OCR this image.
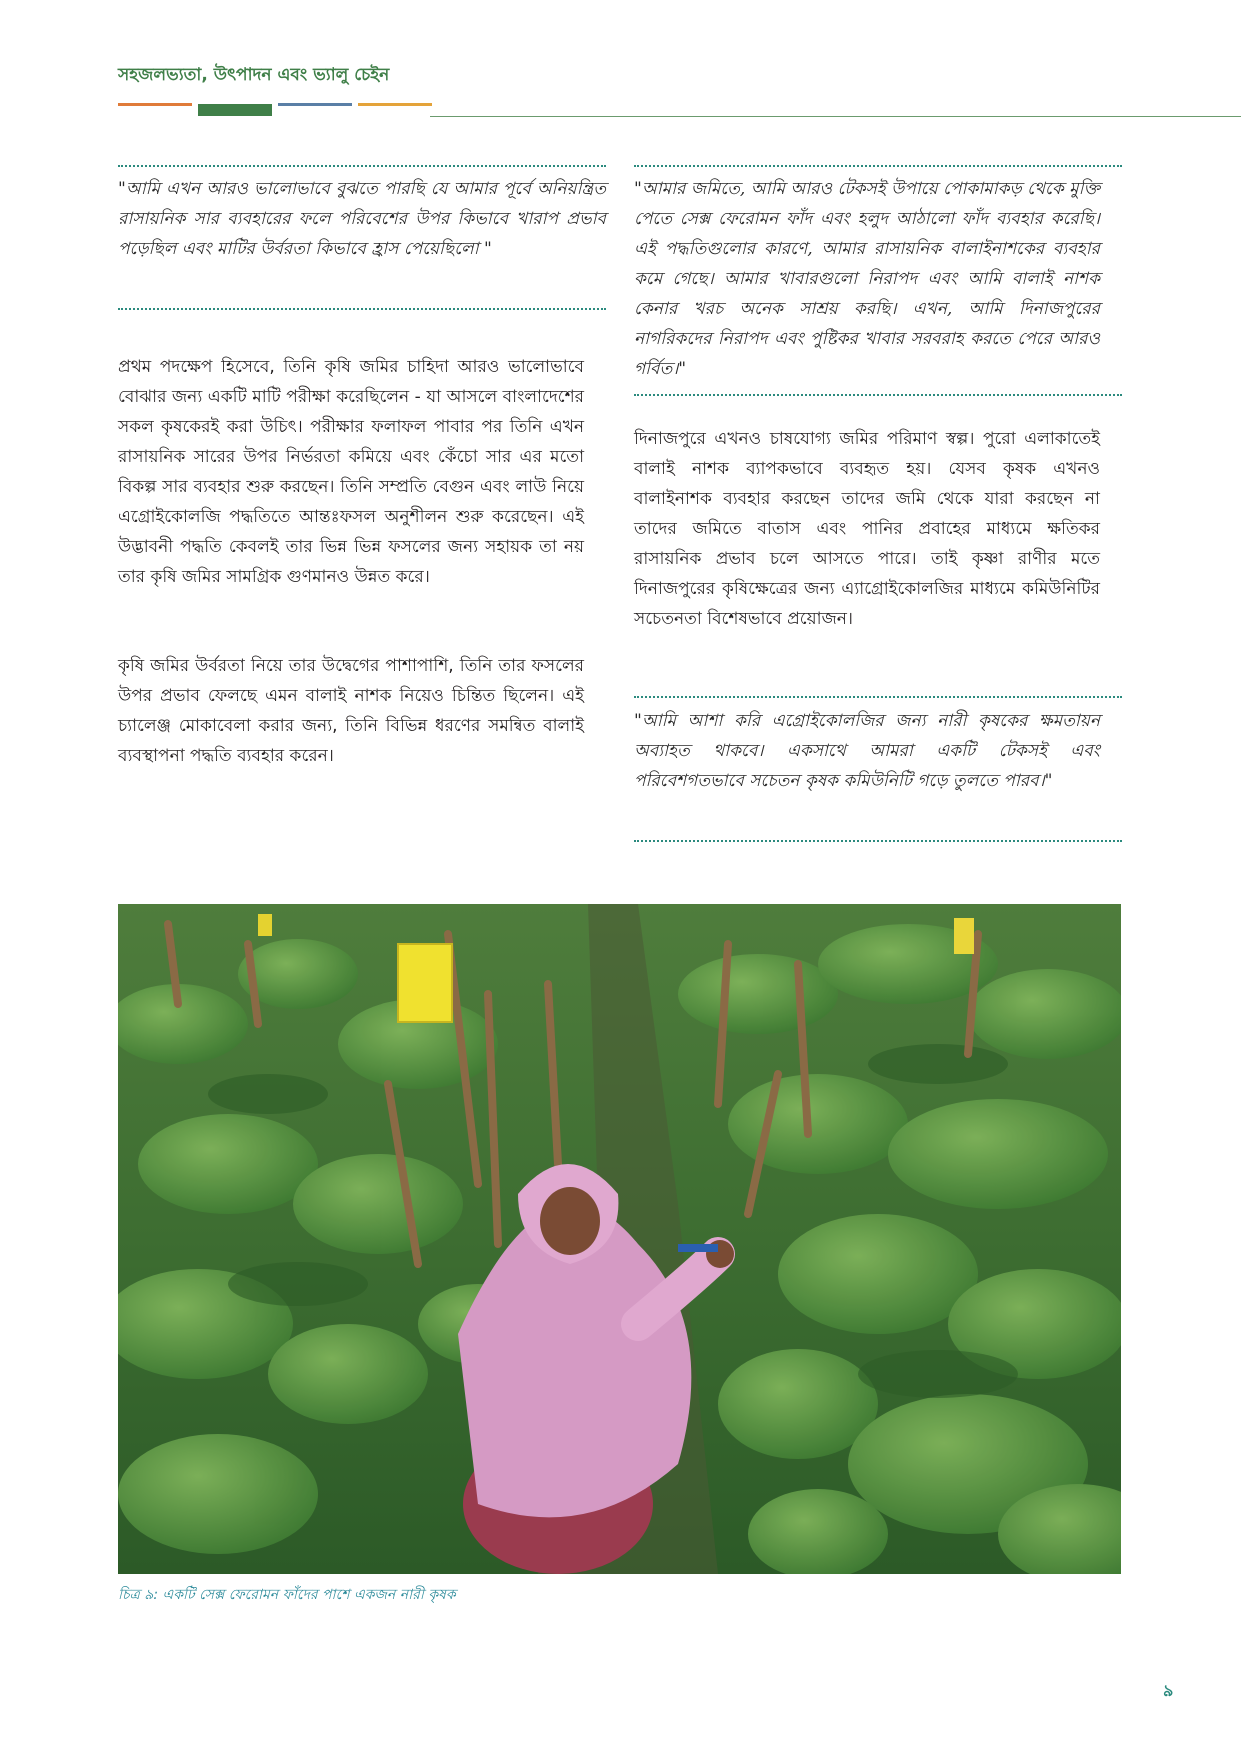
সহজলভ্যতা, উৎপাদন এবং ভ্যালু চেইন
"আমি এখন আরও ভালোভাবে বুঝতে পারছি যে আমার পূর্বে অনিয়ন্ত্রিত রাসায়নিক সার ব্যবহারের ফলে পরিবেশের উপর কিভাবে খারাপ প্রভাব পড়েছিল এবং মাটির উর্বরতা কিভাবে হ্রাস পেয়েছিলো "
প্রথম পদক্ষেপ হিসেবে, তিনি কৃষি জমির চাহিদা আরও ভালোভাবে বোঝার জন্য একটি মাটি পরীক্ষা করেছিলেন - যা আসলে বাংলাদেশের সকল কৃষকেরই করা উচিৎ। পরীক্ষার ফলাফল পাবার পর তিনি এখন রাসায়নিক সারের উপর নির্ভরতা কমিয়ে এবং কেঁচো সার এর মতো বিকল্প সার ব্যবহার শুরু করছেন। তিনি সম্প্রতি বেগুন এবং লাউ নিয়ে এগ্রোইকোলজি পদ্ধতিতে আন্তঃফসল অনুশীলন শুরু করেছেন। এই উদ্ভাবনী পদ্ধতি কেবলই তার ভিন্ন ভিন্ন ফসলের জন্য সহায়ক তা নয় তার কৃষি জমির সামগ্রিক গুণমানও উন্নত করে।
কৃষি জমির উর্বরতা নিয়ে তার উদ্বেগের পাশাপাশি, তিনি তার ফসলের উপর প্রভাব ফেলছে এমন বালাই নাশক নিয়েও চিন্তিত ছিলেন। এই চ্যালেঞ্জ মোকাবেলা করার জন্য, তিনি বিভিন্ন ধরণের সমন্বিত বালাই ব্যবস্থাপনা পদ্ধতি ব্যবহার করেন।
"আমার জমিতে, আমি আরও টেকসই উপায়ে পোকামাকড় থেকে মুক্তি পেতে সেক্স ফেরোমন ফাঁদ এবং হলুদ আঠালো ফাঁদ ব্যবহার করেছি। এই পদ্ধতিগুলোর কারণে, আমার রাসায়নিক বালাইনাশকের ব্যবহার কমে গেছে। আমার খাবারগুলো নিরাপদ এবং আমি বালাই নাশক কেনার খরচ অনেক সাশ্রয় করছি। এখন, আমি দিনাজপুরের নাগরিকদের নিরাপদ এবং পুষ্টিকর খাবার সরবরাহ করতে পেরে আরও গর্বিত।"
দিনাজপুরে এখনও চাষযোগ্য জমির পরিমাণ স্বল্প। পুরো এলাকাতেই বালাই নাশক ব্যাপকভাবে ব্যবহৃত হয়। যেসব কৃষক এখনও বালাইনাশক ব্যবহার করছেন তাদের জমি থেকে যারা করছেন না তাদের জমিতে বাতাস এবং পানির প্রবাহের মাধ্যমে ক্ষতিকর রাসায়নিক প্রভাব চলে আসতে পারে। তাই কৃষ্ণা রাণীর মতে দিনাজপুরের কৃষিক্ষেত্রের জন্য এ্যাগ্রোইকোলজির মাধ্যমে কমিউনিটির সচেতনতা বিশেষভাবে প্রয়োজন।
"আমি আশা করি এগ্রোইকোলজির জন্য নারী কৃষকের ক্ষমতায়ন অব্যাহত থাকবে। একসাথে আমরা একটি টেকসই এবং পরিবেশগতভাবে সচেতন কৃষক কমিউনিটি গড়ে তুলতে পারব।"
চিত্র ৯: একটি সেক্স ফেরোমন ফাঁদের পাশে একজন নারী কৃষক
৯
